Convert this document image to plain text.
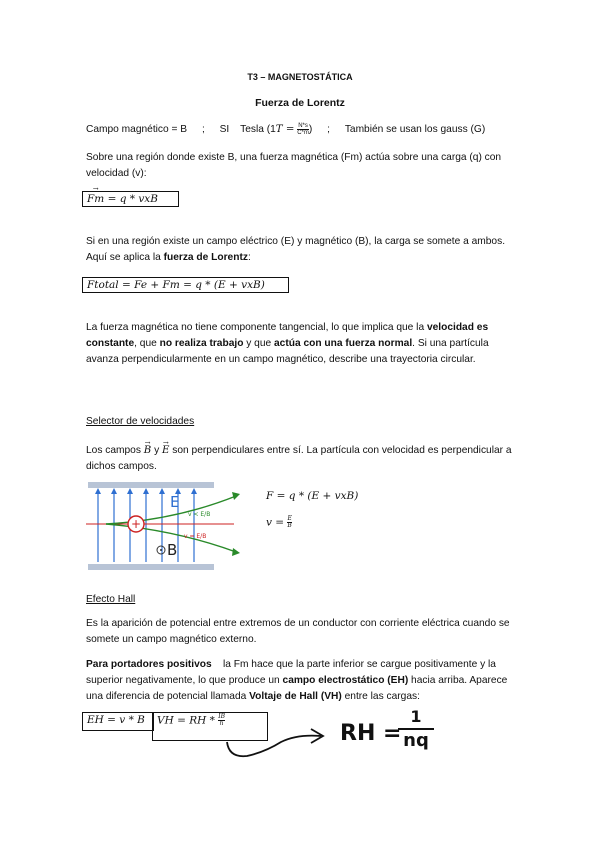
T3 – MAGNETOSTÁTICA
Fuerza de Lorentz
Campo magnético = B ; SI Tesla ($1T = \frac{N*s}{C*m}$ ) ; También se usan los gauss (G)
Sobre una región donde existe B, una fuerza magnética (Fm) actúa sobre una carga (q) con velocidad (v):
→ Fm = q * vxB
Si en una región existe un campo eléctrico (E) y magnético (B), la carga se somete a ambos. Aquí se aplica la fuerza de Lorentz:
Ftotal = Fe + Fm = q * (E + vxB)
La fuerza magnética no tiene componente tangencial, lo que implica que la velocidad es constante, que no realiza trabajo y que actúa con una fuerza normal. Si una partícula avanza perpendicularmente en un campo magnético, describe una trayectoria circular.
Selector de velocidades
Los campos → B y → E son perpendiculares entre sí. La partícula con velocidad es perpendicular a dichos campos.
+
E
B
v < E/B
v = E/B
F = q * (E + vxB)
$v = \frac{E}{B}$
Efecto Hall
Es la aparición de potencial entre extremos de un conductor con corriente eléctrica cuando se somete un campo magnético externo.
Para portadores positivos    la Fm hace que la parte inferior se cargue positivamente y la superior negativamente, lo que produce un campo electrostático (EH) hacia arriba. Aparece una diferencia de potencial llamada Voltaje de Hall (VH) entre las cargas:
EH = v * B	VH = RH * $\frac{IB}{h}$
RH =
1
nq
